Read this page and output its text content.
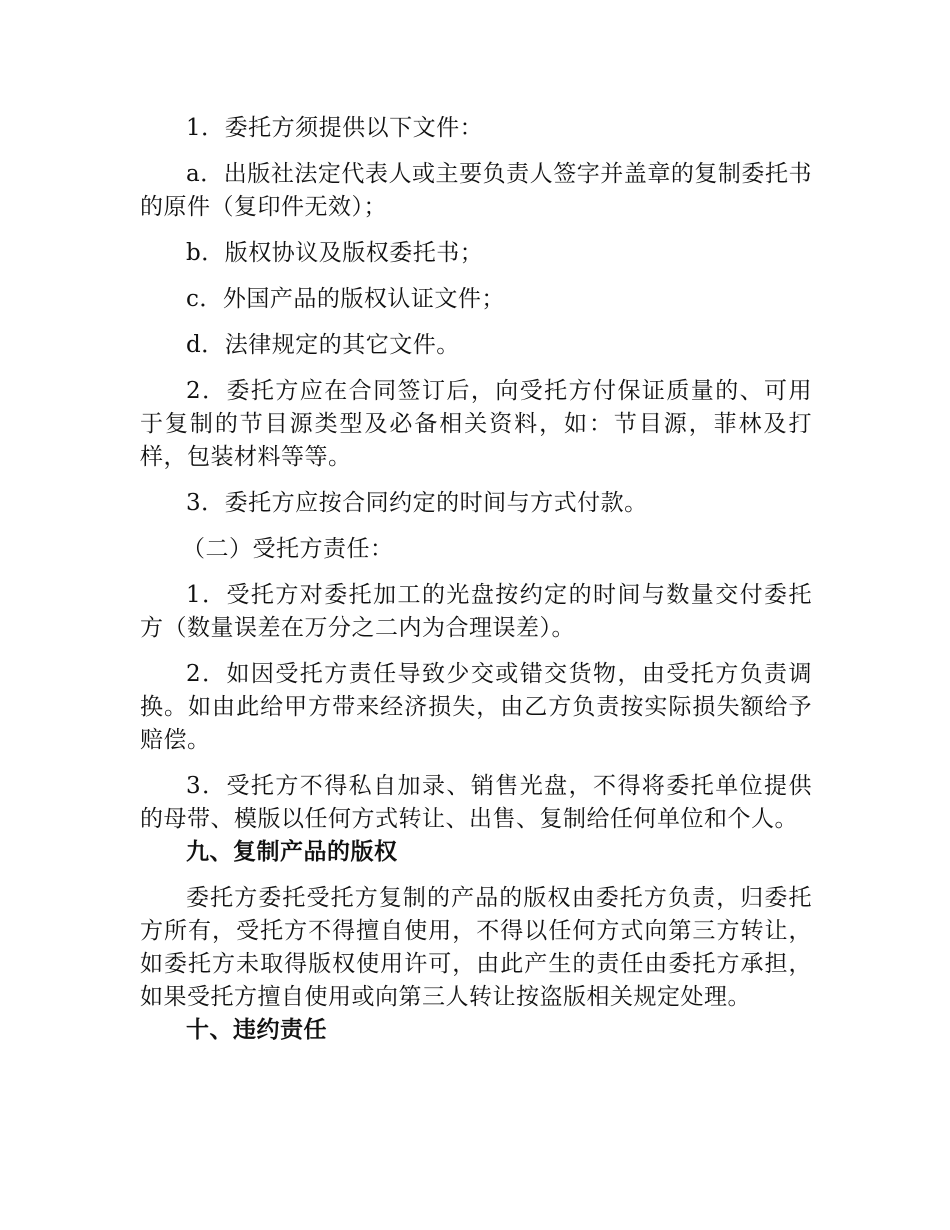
1．委托方须提供以下文件：

a．出版社法定代表人或主要负责人签字并盖章的复制委托书的原件（复印件无效）；

b．版权协议及版权委托书；

c．外国产品的版权认证文件；

d．法律规定的其它文件。

2．委托方应在合同签订后，向受托方付保证质量的、可用于复制的节目源类型及必备相关资料，如：节目源，菲林及打样，包装材料等等。

3．委托方应按合同约定的时间与方式付款。

（二）受托方责任：

1．受托方对委托加工的光盘按约定的时间与数量交付委托方（数量误差在万分之二内为合理误差）。

2．如因受托方责任导致少交或错交货物，由受托方负责调换。如由此给甲方带来经济损失，由乙方负责按实际损失额给予赔偿。

3．受托方不得私自加录、销售光盘，不得将委托单位提供的母带、模版以任何方式转让、出售、复制给任何单位和个人。

九、复制产品的版权

委托方委托受托方复制的产品的版权由委托方负责，归委托方所有，受托方不得擅自使用，不得以任何方式向第三方转让，如委托方未取得版权使用许可，由此产生的责任由委托方承担，如果受托方擅自使用或向第三人转让按盗版相关规定处理。

十、违约责任
